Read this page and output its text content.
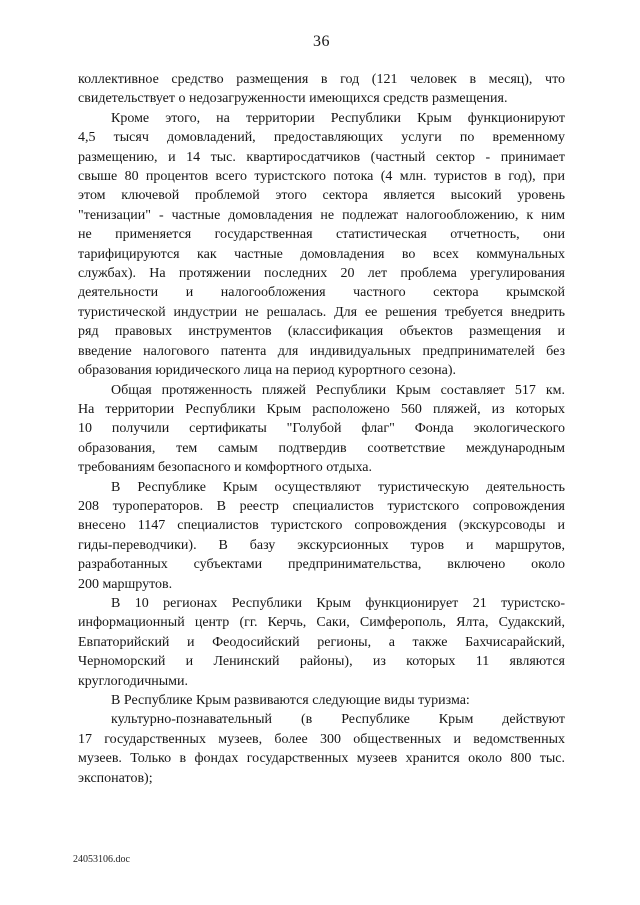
36
коллективное средство размещения в год (121 человек в месяц), что
свидетельствует о недозагруженности имеющихся средств размещения.
Кроме этого, на территории Республики Крым функционируют
4,5 тысяч домовладений, предоставляющих услуги по временному
размещению, и 14 тыс. квартиросдатчиков (частный сектор - принимает
свыше 80 процентов всего туристского потока (4 млн. туристов в год), при
этом ключевой проблемой этого сектора является высокий уровень
"тенизации" - частные домовладения не подлежат налогообложению, к ним
не применяется государственная статистическая отчетность, они
тарифицируются как частные домовладения во всех коммунальных
службах). На протяжении последних 20 лет проблема урегулирования
деятельности и налогообложения частного сектора крымской
туристической индустрии не решалась. Для ее решения требуется внедрить
ряд правовых инструментов (классификация объектов размещения и
введение налогового патента для индивидуальных предпринимателей без
образования юридического лица на период курортного сезона).
Общая протяженность пляжей Республики Крым составляет 517 км.
На территории Республики Крым расположено 560 пляжей, из которых
10 получили сертификаты "Голубой флаг" Фонда экологического
образования, тем самым подтвердив соответствие международным
требованиям безопасного и комфортного отдыха.
В Республике Крым осуществляют туристическую деятельность
208 туроператоров. В реестр специалистов туристского сопровождения
внесено 1147 специалистов туристского сопровождения (экскурсоводы и
гиды-переводчики). В базу экскурсионных туров и маршрутов,
разработанных субъектами предпринимательства, включено около
200 маршрутов.
В 10 регионах Республики Крым функционирует 21 туристско-
информационный центр (гг. Керчь, Саки, Симферополь, Ялта, Судакский,
Евпаторийский и Феодосийский регионы, а также Бахчисарайский,
Черноморский и Ленинский районы), из которых 11 являются
круглогодичными.
В Республике Крым развиваются следующие виды туризма:
культурно-познавательный (в Республике Крым действуют
17 государственных музеев, более 300 общественных и ведомственных
музеев. Только в фондах государственных музеев хранится около 800 тыс.
экспонатов);
24053106.doc
